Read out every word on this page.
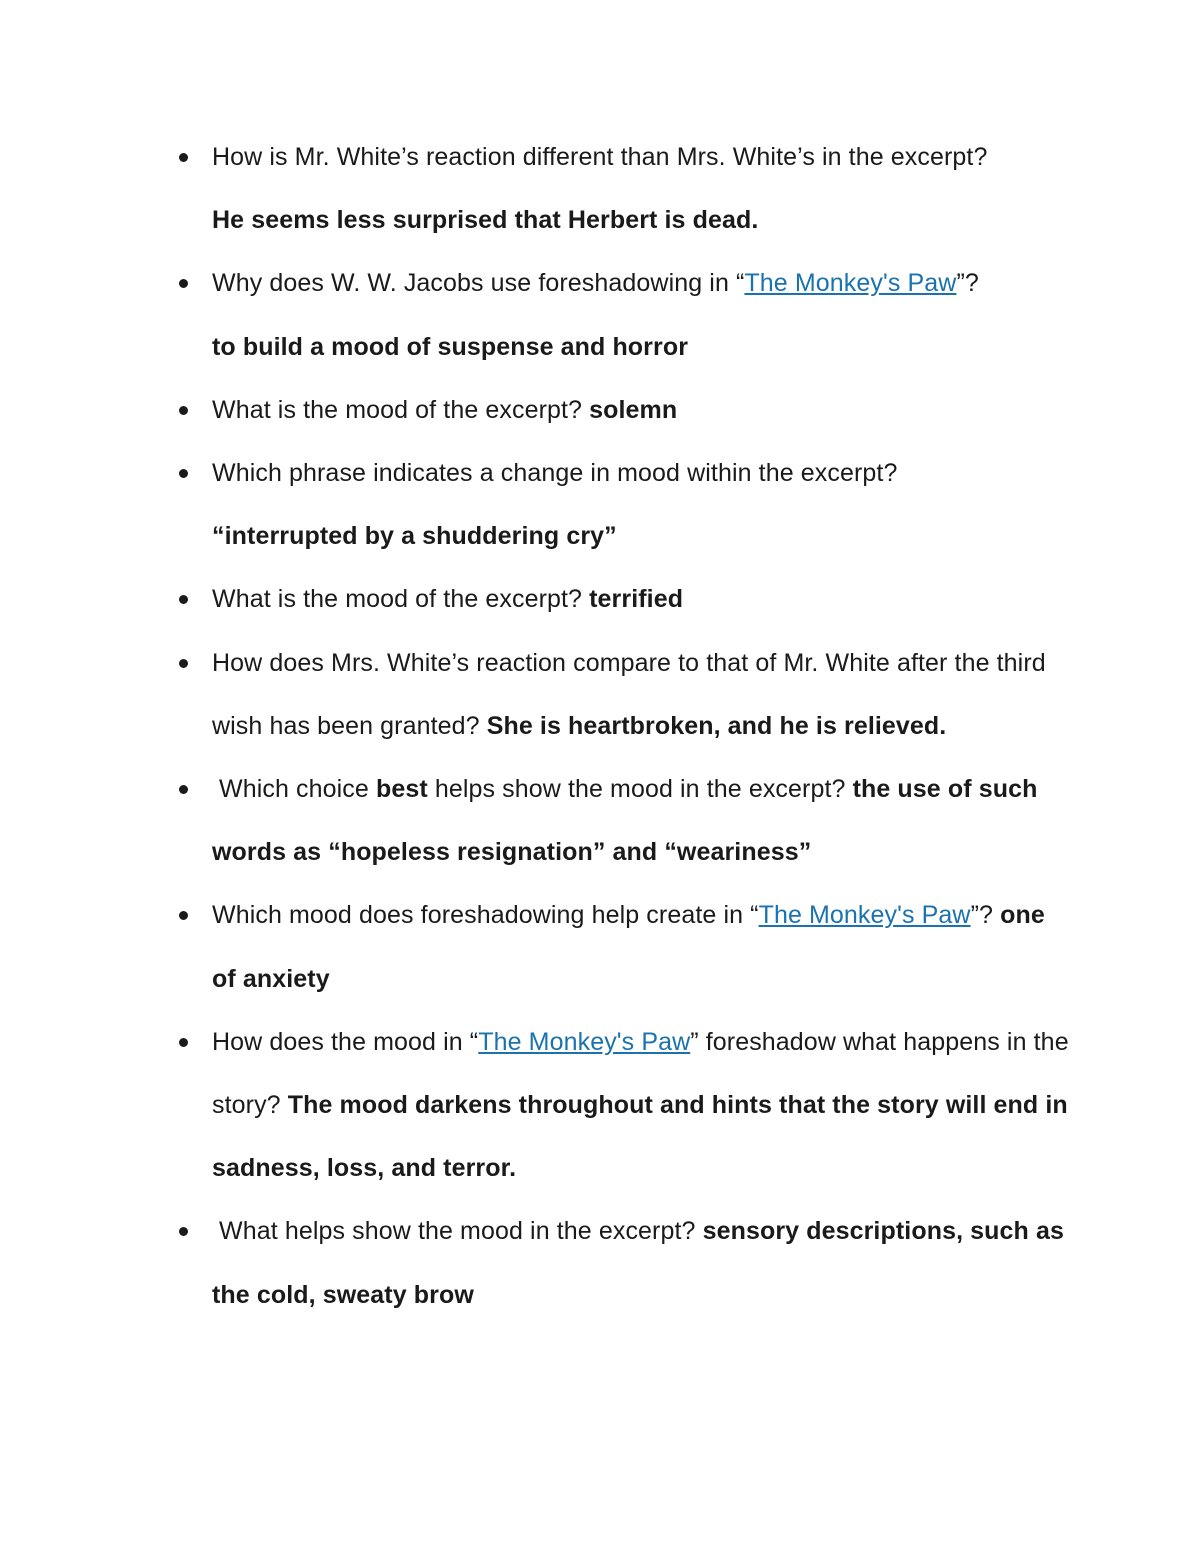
How is Mr. White’s reaction different than Mrs. White’s in the excerpt?
He seems less surprised that Herbert is dead.
Why does W. W. Jacobs use foreshadowing in “The Monkey's Paw”?
to build a mood of suspense and horror
What is the mood of the excerpt? solemn
Which phrase indicates a change in mood within the excerpt?
“interrupted by a shuddering cry”
What is the mood of the excerpt? terrified
How does Mrs. White’s reaction compare to that of Mr. White after the third wish has been granted? She is heartbroken, and he is relieved.
Which choice best helps show the mood in the excerpt? the use of such words as “hopeless resignation” and “weariness”
Which mood does foreshadowing help create in “The Monkey's Paw”? one of anxiety
How does the mood in “The Monkey's Paw” foreshadow what happens in the story? The mood darkens throughout and hints that the story will end in sadness, loss, and terror.
What helps show the mood in the excerpt? sensory descriptions, such as the cold, sweaty brow
